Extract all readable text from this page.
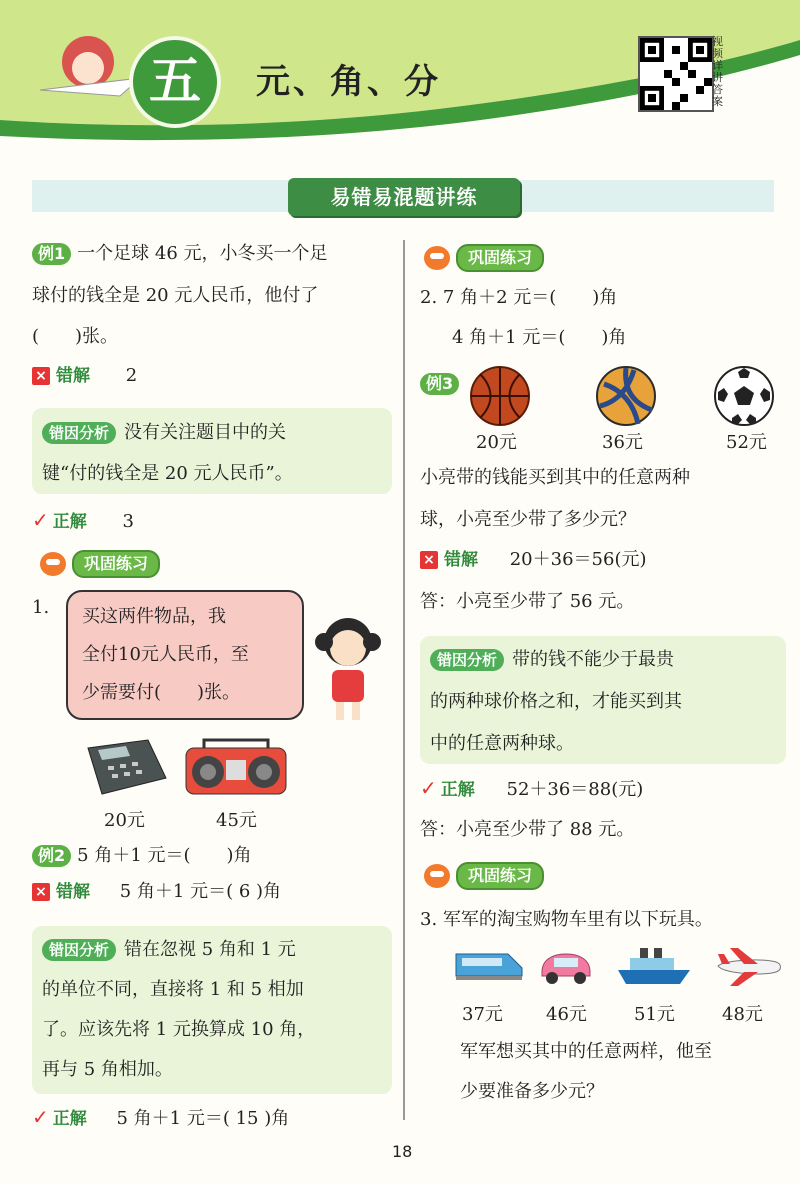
五	元、角、分
视频详讲答案
易错易混题讲练
例1 一个足球 46 元，小冬买一个足
球付的钱全是 20 元人民币，他付了
(　　)张。
× 错解 2
错因分析 没有关注题目中的关
键“付的钱全是 20 元人民币”。
✓ 正解 3
巩固练习
1. 买这两件物品，我
全付10元人民币，至
少需要付(　　)张。
20元	45元
例2 5 角＋1 元＝(　　)角
× 错解 5 角＋1 元＝( 6 )角
错因分析 错在忽视 5 角和 1 元
的单位不同，直接将 1 和 5 相加
了。应该先将 1 元换算成 10 角，
再与 5 角相加。
✓ 正解 5 角＋1 元＝( 15 )角
巩固练习
2. 7 角＋2 元＝(　　)角
4 角＋1 元＝(　　)角
例3
20元	36元	52元
小亮带的钱能买到其中的任意两种
球，小亮至少带了多少元？
× 错解 20＋36＝56(元)
答：小亮至少带了 56 元。
错因分析 带的钱不能少于最贵
的两种球价格之和，才能买到其
中的任意两种球。
✓ 正解 52＋36＝88(元)
答：小亮至少带了 88 元。
巩固练习
3. 军军的淘宝购物车里有以下玩具。
37元 46元	51元	48元
军军想买其中的任意两样，他至
少要准备多少元？
18
